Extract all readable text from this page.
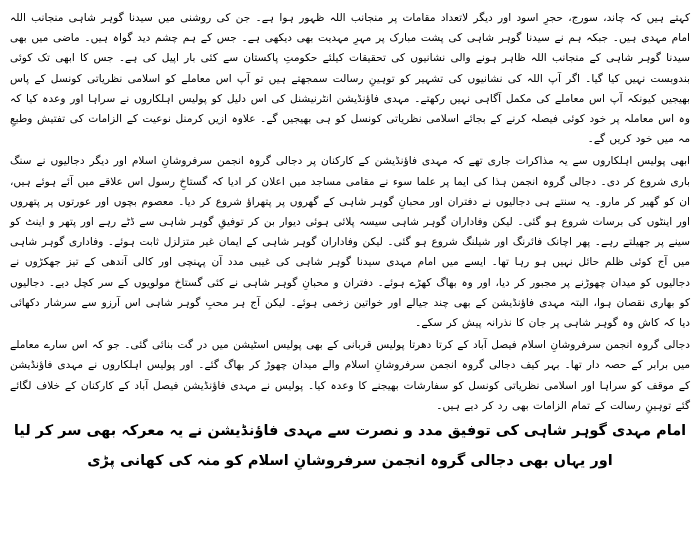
کہتے ہیں کہ چاند، سورج، حجرِ اسود اور دیگر لاتعداد مقامات پر منجانب اللہ ظہور ہوا ہے۔ جن کی روشنی میں سیدنا گوہر شاہی منجانب اللہ امام مہدی ہیں۔ جبکہ ہم نے سیدنا گوہر شاہی کی پشت مبارک پر مہرِ مہدیت بھی دیکھی ہے۔ جس کے ہم چشم دید گواہ ہیں۔ ماضی میں بھی سیدنا گوہر شاہی کے منجانب اللہ ظاہر ہونے والی نشانیوں کی تحقیقات کیلئے حکومتِ پاکستان سے کئی بار اپیل کی ہے۔ جس کا ابھی تک کوئی بندوبست نہیں کیا گیا۔ اگر آپ اللہ کی نشانیوں کی تشہیر کو توہینِ رسالت سمجھتے ہیں تو آپ اس معاملے کو اسلامی نظریاتی کونسل کے پاس بھیجیں کیونکہ آپ اس معاملے کی مکمل آگاہی نہیں رکھتے۔ مہدی فاؤنڈیشن انٹرنیشنل کی اس دلیل کو پولیس اہلکاروں نے سراہا اور وعدہ کیا کہ وہ اس معاملہ پر خود کوئی فیصلہ کرنے کے بجائے اسلامی نظریاتی کونسل کو ہی بھیجیں گے۔ علاوہ ازیں کرمنل نوعیت کے الزامات کی تفتیش وطبعِ مہ میں خود کریں گے۔

ابھی پولیس اہلکاروں سے یہ مذاکرات جاری تھے کہ مہدی فاؤنڈیشن کے کارکنان پر دجالی گروہ انجمن سرفروشانِ اسلام اور دیگر دجالیوں نے سنگ باری شروع کر دی۔ دجالی گروہ انجمن ہذا کی ایما پر علما سوء نے مقامی مساجد میں اعلان کر ادیا کہ گستاخِ رسول اس علاقے میں آئے ہوئے ہیں، ان کو گھیر کر مارو۔ یہ سنتے ہی دجالیوں نے دفتران اور محبانِ گوہر شاہی کے گھروں پر پتھراؤ شروع کر دیا۔ معصوم بچوں اور عورتوں پر پتھروں اور اینٹوں کی برسات شروع ہو گئی۔ لیکن وفاداران گوہر شاہی سیسہ پلائی ہوئی دیوار بن کر توفیقِ گوہر شاہی سے ڈٹے رہے اور پتھر و اینٹ کو سینے پر جھیلتے رہے۔ پھر اچانک فائرنگ اور شیلنگ شروع ہو گئی۔ لیکن وفاداران گوہر شاہی کے ایمان غیر متزلزل ثابت ہوئے۔ وفاداری گوہر شاہی میں آج کوئی ظلم حائل نہیں ہو رہا تھا۔ ایسے میں امام مہدی سیدنا گوہر شاہی کی غیبی مدد آن پہنچی اور کالی آندھی کے تیز جھکڑوں نے دجالیوں کو میدان چھوڑنے پر مجبور کر دیا، اور وہ بھاگ کھڑے ہوئے۔ دفتران و محبانِ گوہر شاہی نے کئی گستاخ مولویوں کے سر کچل دیے۔ دجالیوں کو بھاری نقصان ہوا، البتہ مہدی فاؤنڈیشن کے بھی چند جیالے اور خواتین زخمی ہوئے۔ لیکن آج ہر محبِ گوہر شاہی اس آرزو سے سرشار دکھائی دیا کہ کاش وہ گوہر شاہی پر جان کا نذرانہ پیش کر سکے۔

دجالی گروہ انجمن سرفروشانِ اسلام فیصل آباد کے کرتا دھرتا پولیس قربانی کے بھی پولیس اسٹیشن میں در گت بنائی گئی۔ جو کہ اس سارے معاملے میں برابر کے حصہ دار تھا۔ بہر کیف دجالی گروہ انجمن سرفروشانِ اسلام والے میدان چھوڑ کر بھاگ گئے۔ اور پولیس اہلکاروں نے مہدی فاؤنڈیشن کے موقف کو سراہا اور اسلامی نظریاتی کونسل کو سفارشات بھیجنے کا وعدہ کیا۔ پولیس نے مہدی فاؤنڈیشن فیصل آباد کے کارکنان کے خلاف لگائے گئے توہینِ رسالت کے تمام الزامات بھی رد کر دیے ہیں۔

امام مہدی گوہر شاہی کی توفیق مدد و نصرت سے مہدی فاؤنڈیشن نے یہ معرکہ بھی سر کر لیا
اور یہاں بھی دجالی گروہ انجمن سرفروشانِ اسلام کو منہ کی کھانی پڑی
